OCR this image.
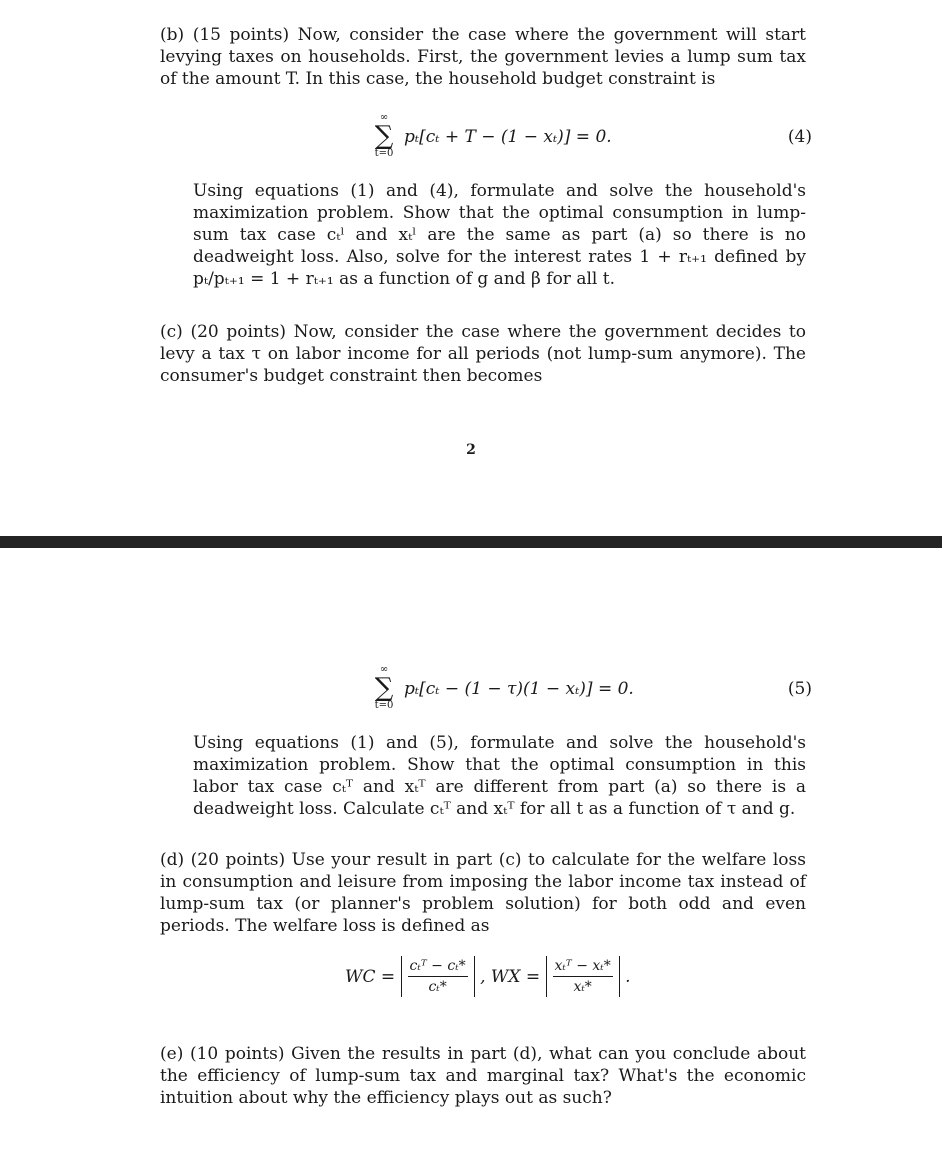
(b) (15 points) Now, consider the case where the government will start levying taxes on households. First, the government levies a lump sum tax of the amount T. In this case, the household budget constraint is

∞
∑
t=0
pₜ[cₜ + T − (1 − xₜ)] = 0.	(4)

Using equations (1) and (4), formulate and solve the household's maximization problem. Show that the optimal consumption in lump-sum tax case cₜˡ and xₜˡ are the same as part (a) so there is no deadweight loss. Also, solve for the interest rates 1 + rₜ₊₁ defined by pₜ/pₜ₊₁ = 1 + rₜ₊₁ as a function of g and β for all t.

(c) (20 points) Now, consider the case where the government decides to levy a tax τ on labor income for all periods (not lump-sum anymore). The consumer's budget constraint then becomes

2
∞
∑
t=0
pₜ[cₜ − (1 − τ)(1 − xₜ)] = 0.	(5)

Using equations (1) and (5), formulate and solve the household's maximization problem. Show that the optimal consumption in this labor tax case cₜᵀ and xₜᵀ are different from part (a) so there is a deadweight loss. Calculate cₜᵀ and xₜᵀ for all t as a function of τ and g.

(d) (20 points) Use your result in part (c) to calculate for the welfare loss in consumption and leisure from imposing the labor income tax instead of lump-sum tax (or planner's problem solution) for both odd and even periods. The welfare loss is defined as

WC = $\frac{\text{cₜᵀ − cₜ*}}{\text{cₜ*}}$ , WX = $\frac{\text{xₜᵀ − xₜ*}}{\text{xₜ*}}$ .

(e) (10 points) Given the results in part (d), what can you conclude about the efficiency of lump-sum tax and marginal tax? What's the economic intuition about why the efficiency plays out as such?
